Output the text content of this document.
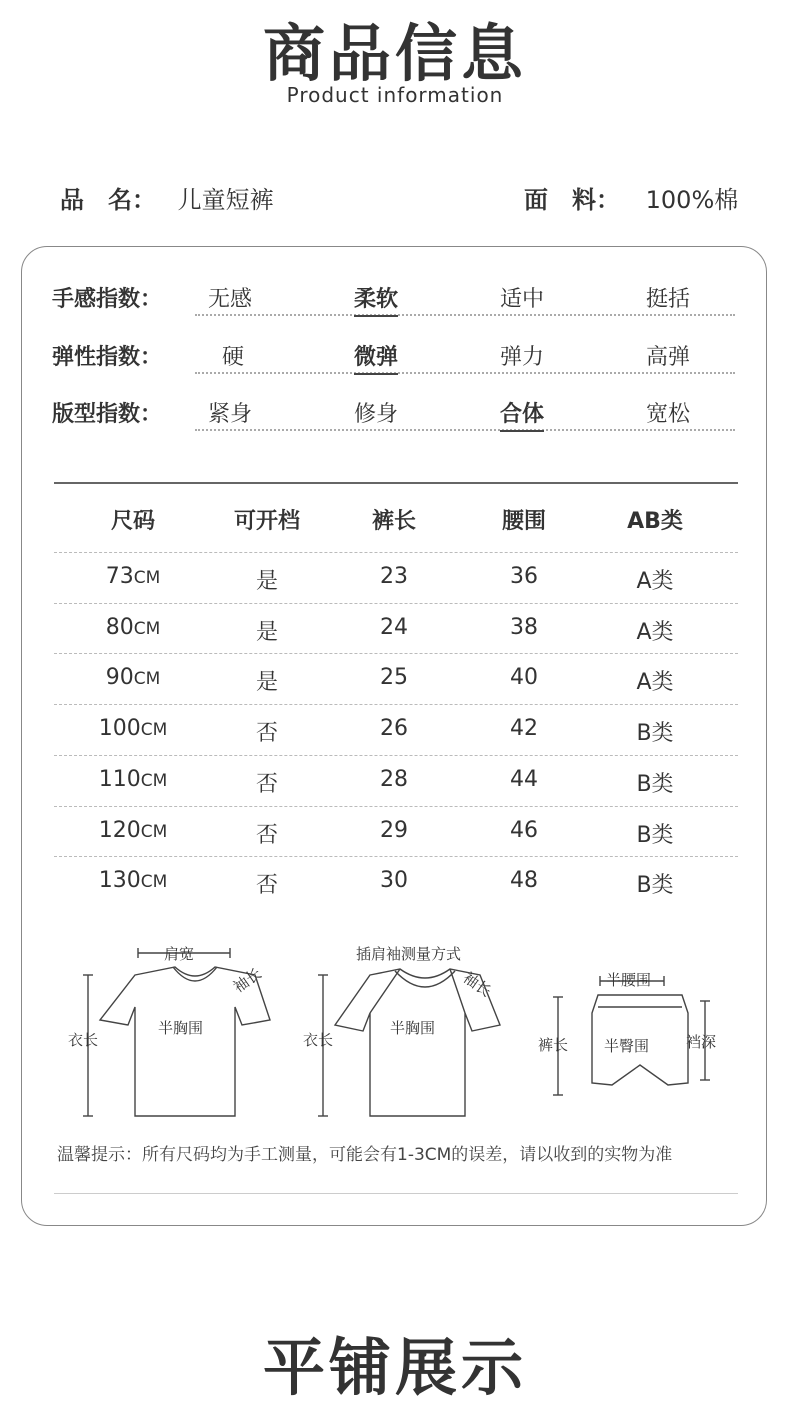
商品信息
Product information
品　名： 儿童短裤	面　料： 100%棉
手感指数： 无感	柔软	适中	挺括
弹性指数：	硬	微弹	弹力	高弹
版型指数： 紧身	修身	合体	宽松
尺码	可开档	裤长	腰围	AB类
73CM	是	23	36	A类
80CM	是	24	38	A类
90CM	是	25	40	A类
100CM	否	26	42	B类
110CM	否	28	44	B类
120CM	否	29	46	B类
130CM	否	30	48	B类
肩宽
袖长
衣长
半胸围
插肩袖测量方式
袖长
衣长
半胸围
半腰围
裤长 半臀围 裆深
温馨提示：所有尺码均为手工测量，可能会有1-3CM的误差，请以收到的实物为准
平铺展示
